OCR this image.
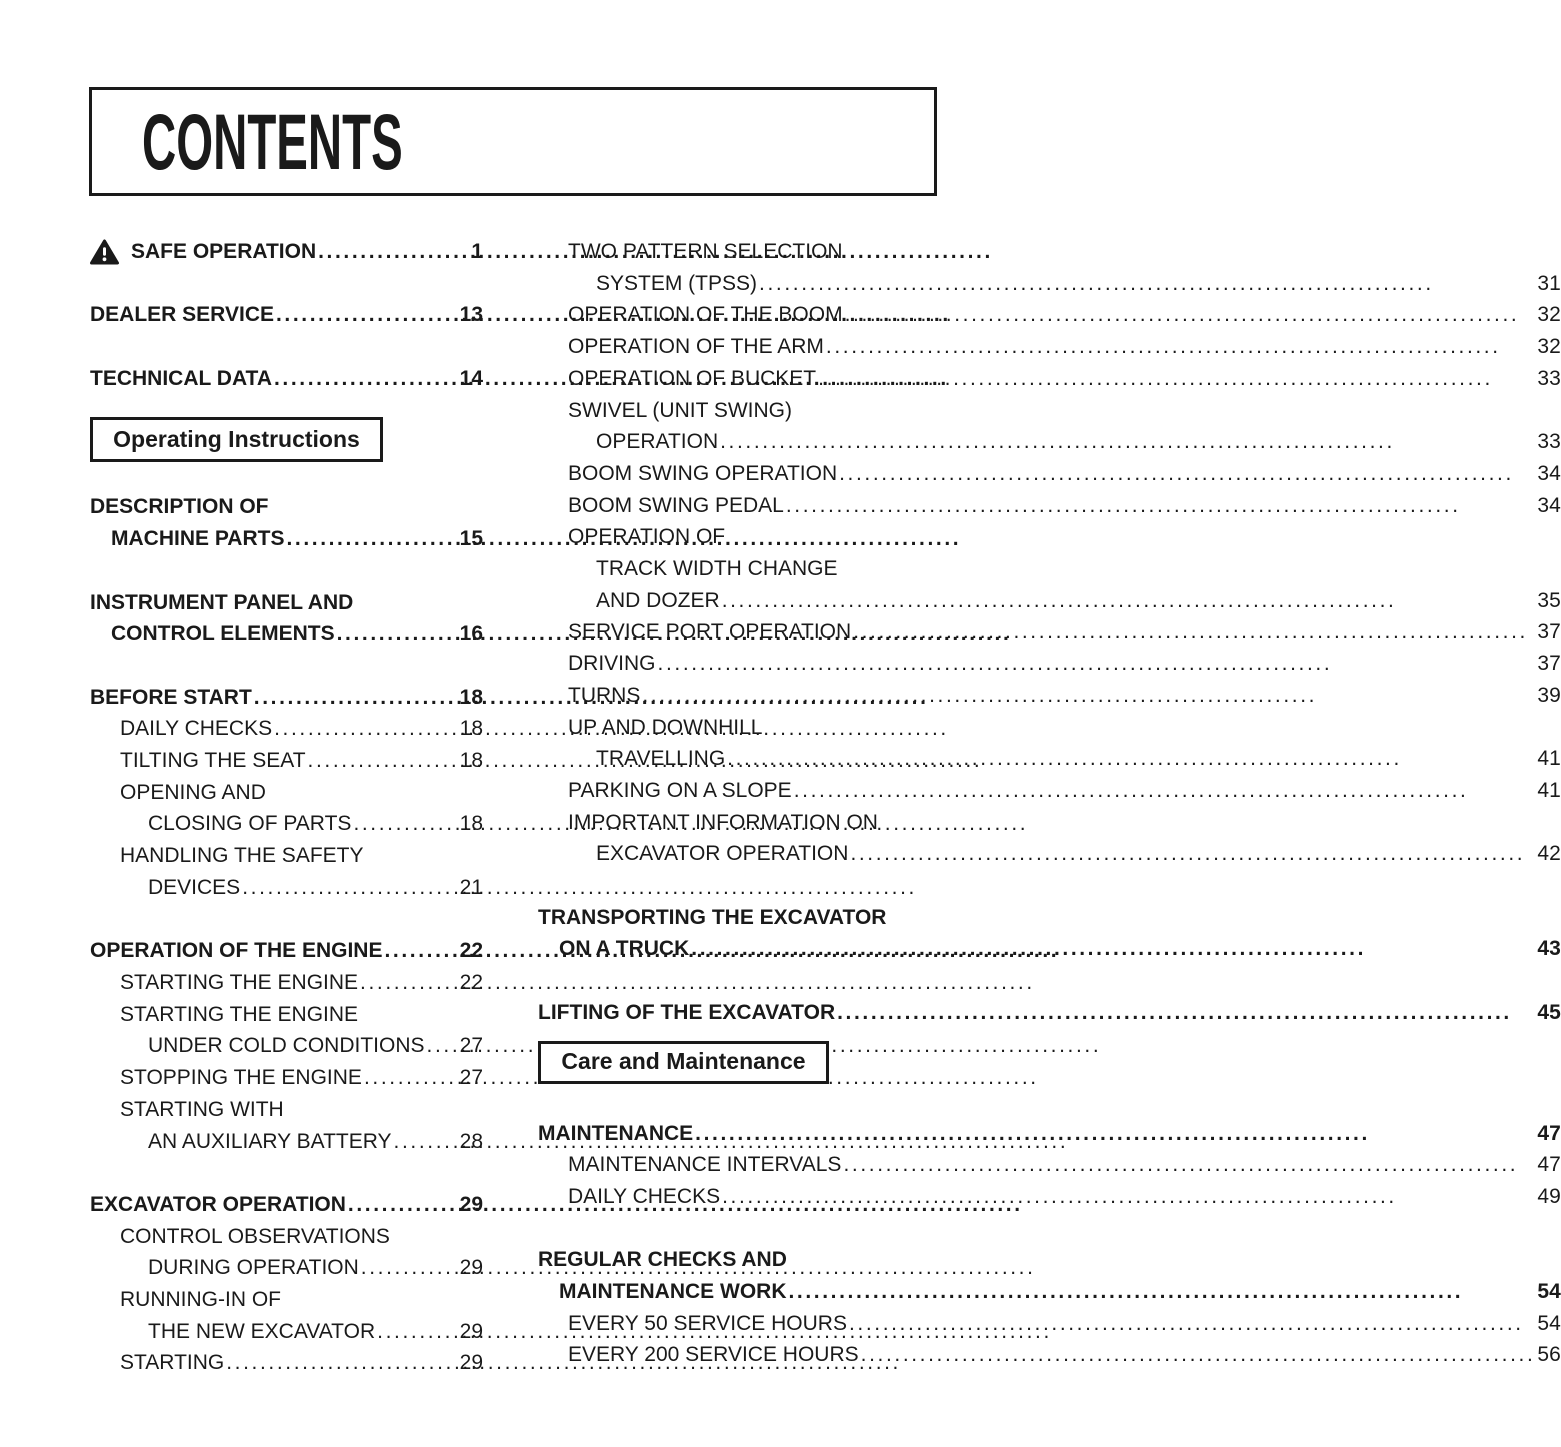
CONTENTS
SAFE OPERATION .....	1
DEALER SERVICE .....	13
TECHNICAL DATA .....	14
Operating Instructions
DESCRIPTION OF
MACHINE PARTS .....	15
INSTRUMENT PANEL AND
CONTROL ELEMENTS .....	16
BEFORE START .....	18
DAILY CHECKS .....	18
TILTING THE SEAT .....	18
OPENING AND
CLOSING OF PARTS .....	18
HANDLING THE SAFETY
DEVICES .....	21
OPERATION OF THE ENGINE .....	22
STARTING THE ENGINE .....	22
STARTING THE ENGINE
UNDER COLD CONDITIONS ..... 27
STOPPING THE ENGINE .....	27
STARTING WITH
AN AUXILIARY BATTERY .....	28
EXCAVATOR OPERATION .....	29
CONTROL OBSERVATIONS
DURING OPERATION .....	29
RUNNING-IN OF
THE NEW EXCAVATOR .....	29
STARTING .....	29
TWO PATTERN SELECTION
SYSTEM (TPSS) .....	31
OPERATION OF THE BOOM .....	32
OPERATION OF THE ARM .....	32
OPERATION OF BUCKET .....	33
SWIVEL (UNIT SWING)
OPERATION .....	33
BOOM SWING OPERATION .....	34
BOOM SWING PEDAL .....	34
OPERATION OF
TRACK WIDTH CHANGE
AND DOZER .....	35
SERVICE PORT OPERATION .....	37
DRIVING .....	37
TURNS .....	39
UP AND DOWNHILL
TRAVELLING .....	41
PARKING ON A SLOPE .....	41
IMPORTANT INFORMATION ON
EXCAVATOR OPERATION .....	42
TRANSPORTING THE EXCAVATOR
ON A TRUCK .....	43
LIFTING OF THE EXCAVATOR .....	45
Care and Maintenance
MAINTENANCE .....	47
MAINTENANCE INTERVALS .....	47
DAILY CHECKS .....	49
REGULAR CHECKS AND
MAINTENANCE WORK .....	54
EVERY 50 SERVICE HOURS .....	54
EVERY 200 SERVICE HOURS .....	56
